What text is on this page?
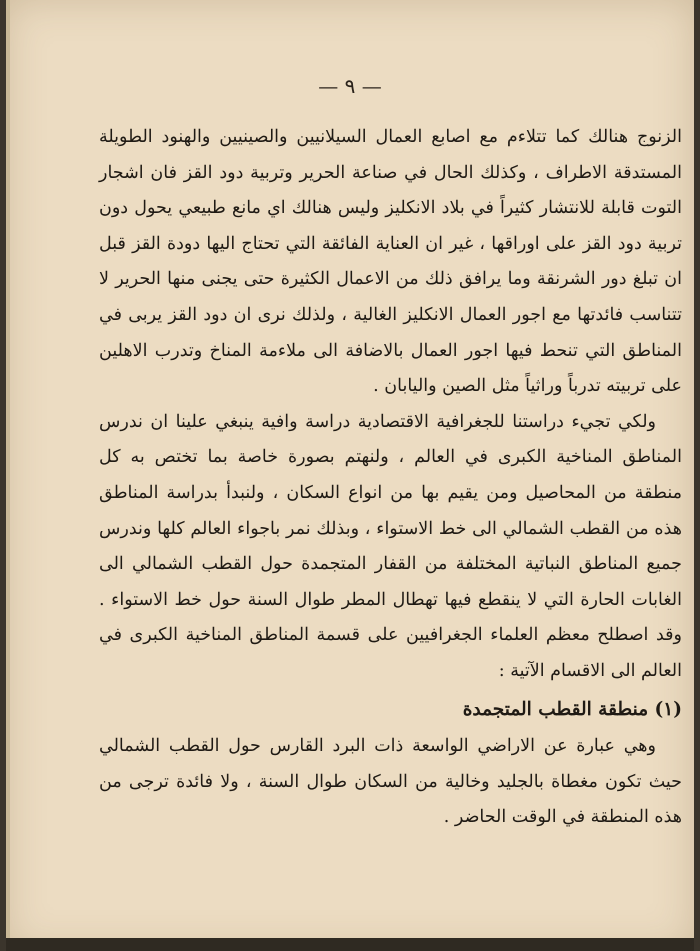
— ٩ —

الزنوج هنالك كما تتلاءم مع اصابع العمال السيلانيين والصينيين والهنود الطويلة المستدقة الاطراف ، وكذلك الحال في صناعة الحرير وتربية دود القز فان اشجار التوت قابلة للانتشار كثيراً في بلاد الانكليز وليس هنالك اي مانع طبيعي يحول دون تربية دود القز على اوراقها ، غير ان العناية الفائقة التي تحتاج اليها دودة القز قبل ان تبلغ دور الشرنقة وما يرافق ذلك من الاعمال الكثيرة حتى يجنى منها الحرير لا تتناسب فائدتها مع اجور العمال الانكليز الغالية ، ولذلك نرى ان دود القز يربى في المناطق التي تنحط فيها اجور العمال بالاضافة الى ملاءمة المناخ وتدرب الاهلين على تربيته تدرباً وراثياً مثل الصين واليابان .

ولكي تجيء دراستنا للجغرافية الاقتصادية دراسة وافية ينبغي علينا ان ندرس المناطق المناخية الكبرى في العالم ، ولنهتم بصورة خاصة بما تختص به كل منطقة من المحاصيل ومن يقيم بها من انواع السكان ، ولنبدأ بدراسة المناطق هذه من القطب الشمالي الى خط الاستواء ، وبذلك نمر باجواء العالم كلها وندرس جميع المناطق النباتية المختلفة من القفار المتجمدة حول القطب الشمالي الى الغابات الحارة التي لا ينقطع فيها تهطال المطر طوال السنة حول خط الاستواء . وقد اصطلح معظم العلماء الجغرافيين على قسمة المناطق المناخية الكبرى في العالم الى الاقسام الآتية :

(١) منطقة القطب المتجمدة

وهي عبارة عن الاراضي الواسعة ذات البرد القارس حول القطب الشمالي حيث تكون مغطاة بالجليد وخالية من السكان طوال السنة ، ولا فائدة ترجى من هذه المنطقة في الوقت الحاضر .
